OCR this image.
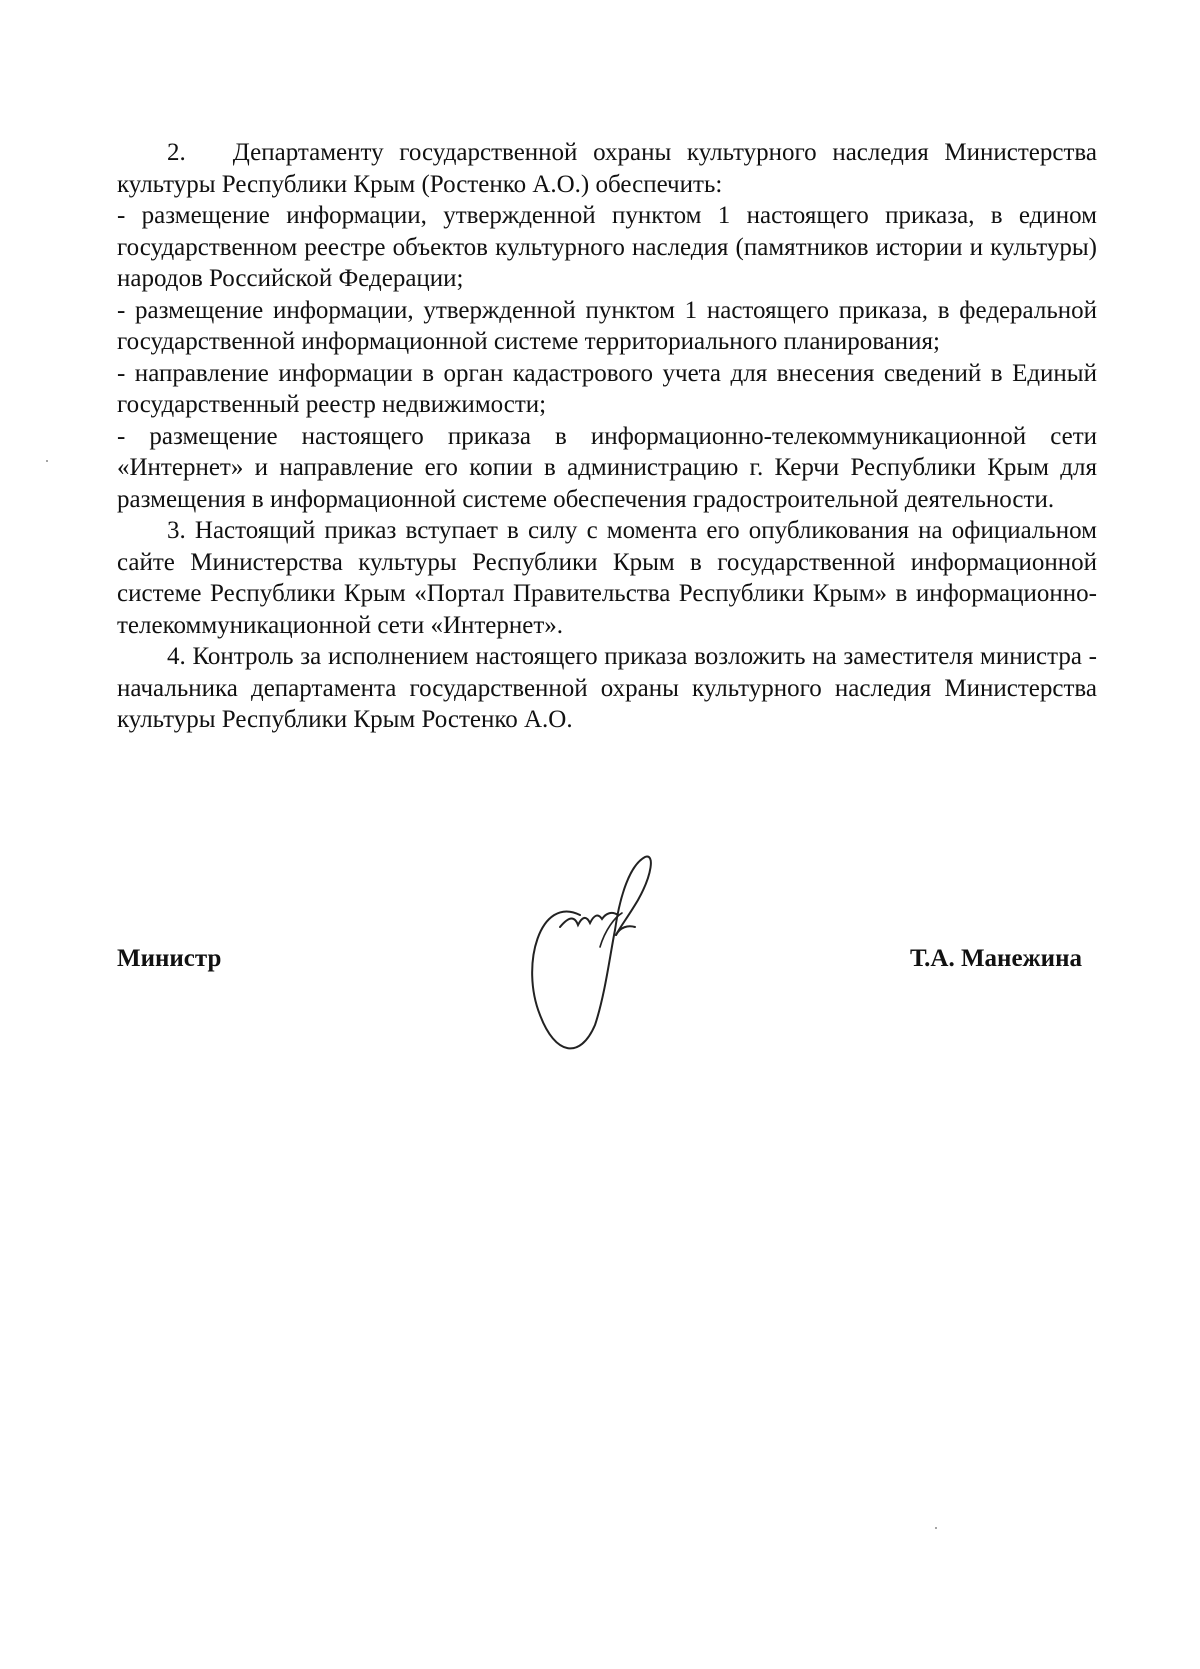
2.   Департаменту государственной охраны культурного наследия Министерства культуры Республики Крым (Ростенко А.О.) обеспечить:

- размещение информации, утвержденной пунктом 1 настоящего приказа, в едином государственном реестре объектов культурного наследия (памятников истории и культуры) народов Российской Федерации;

- размещение информации, утвержденной пунктом 1 настоящего приказа, в федеральной государственной информационной системе территориального планирования;

- направление информации в орган кадастрового учета для внесения сведений в Единый государственный реестр недвижимости;

- размещение настоящего приказа в информационно-телекоммуникационной сети «Интернет» и направление его копии в администрацию г. Керчи Республики Крым для размещения в информационной системе обеспечения градостроительной деятельности.

3. Настоящий приказ вступает в силу с момента его опубликования на официальном сайте Министерства культуры Республики Крым в государственной информационной системе Республики Крым «Портал Правительства Республики Крым» в информационно-телекоммуникационной сети «Интернет».

4. Контроль за исполнением настоящего приказа возложить на заместителя министра - начальника департамента государственной охраны культурного наследия Министерства культуры Республики Крым Ростенко А.О.

Министр	Т.А. Манежина
